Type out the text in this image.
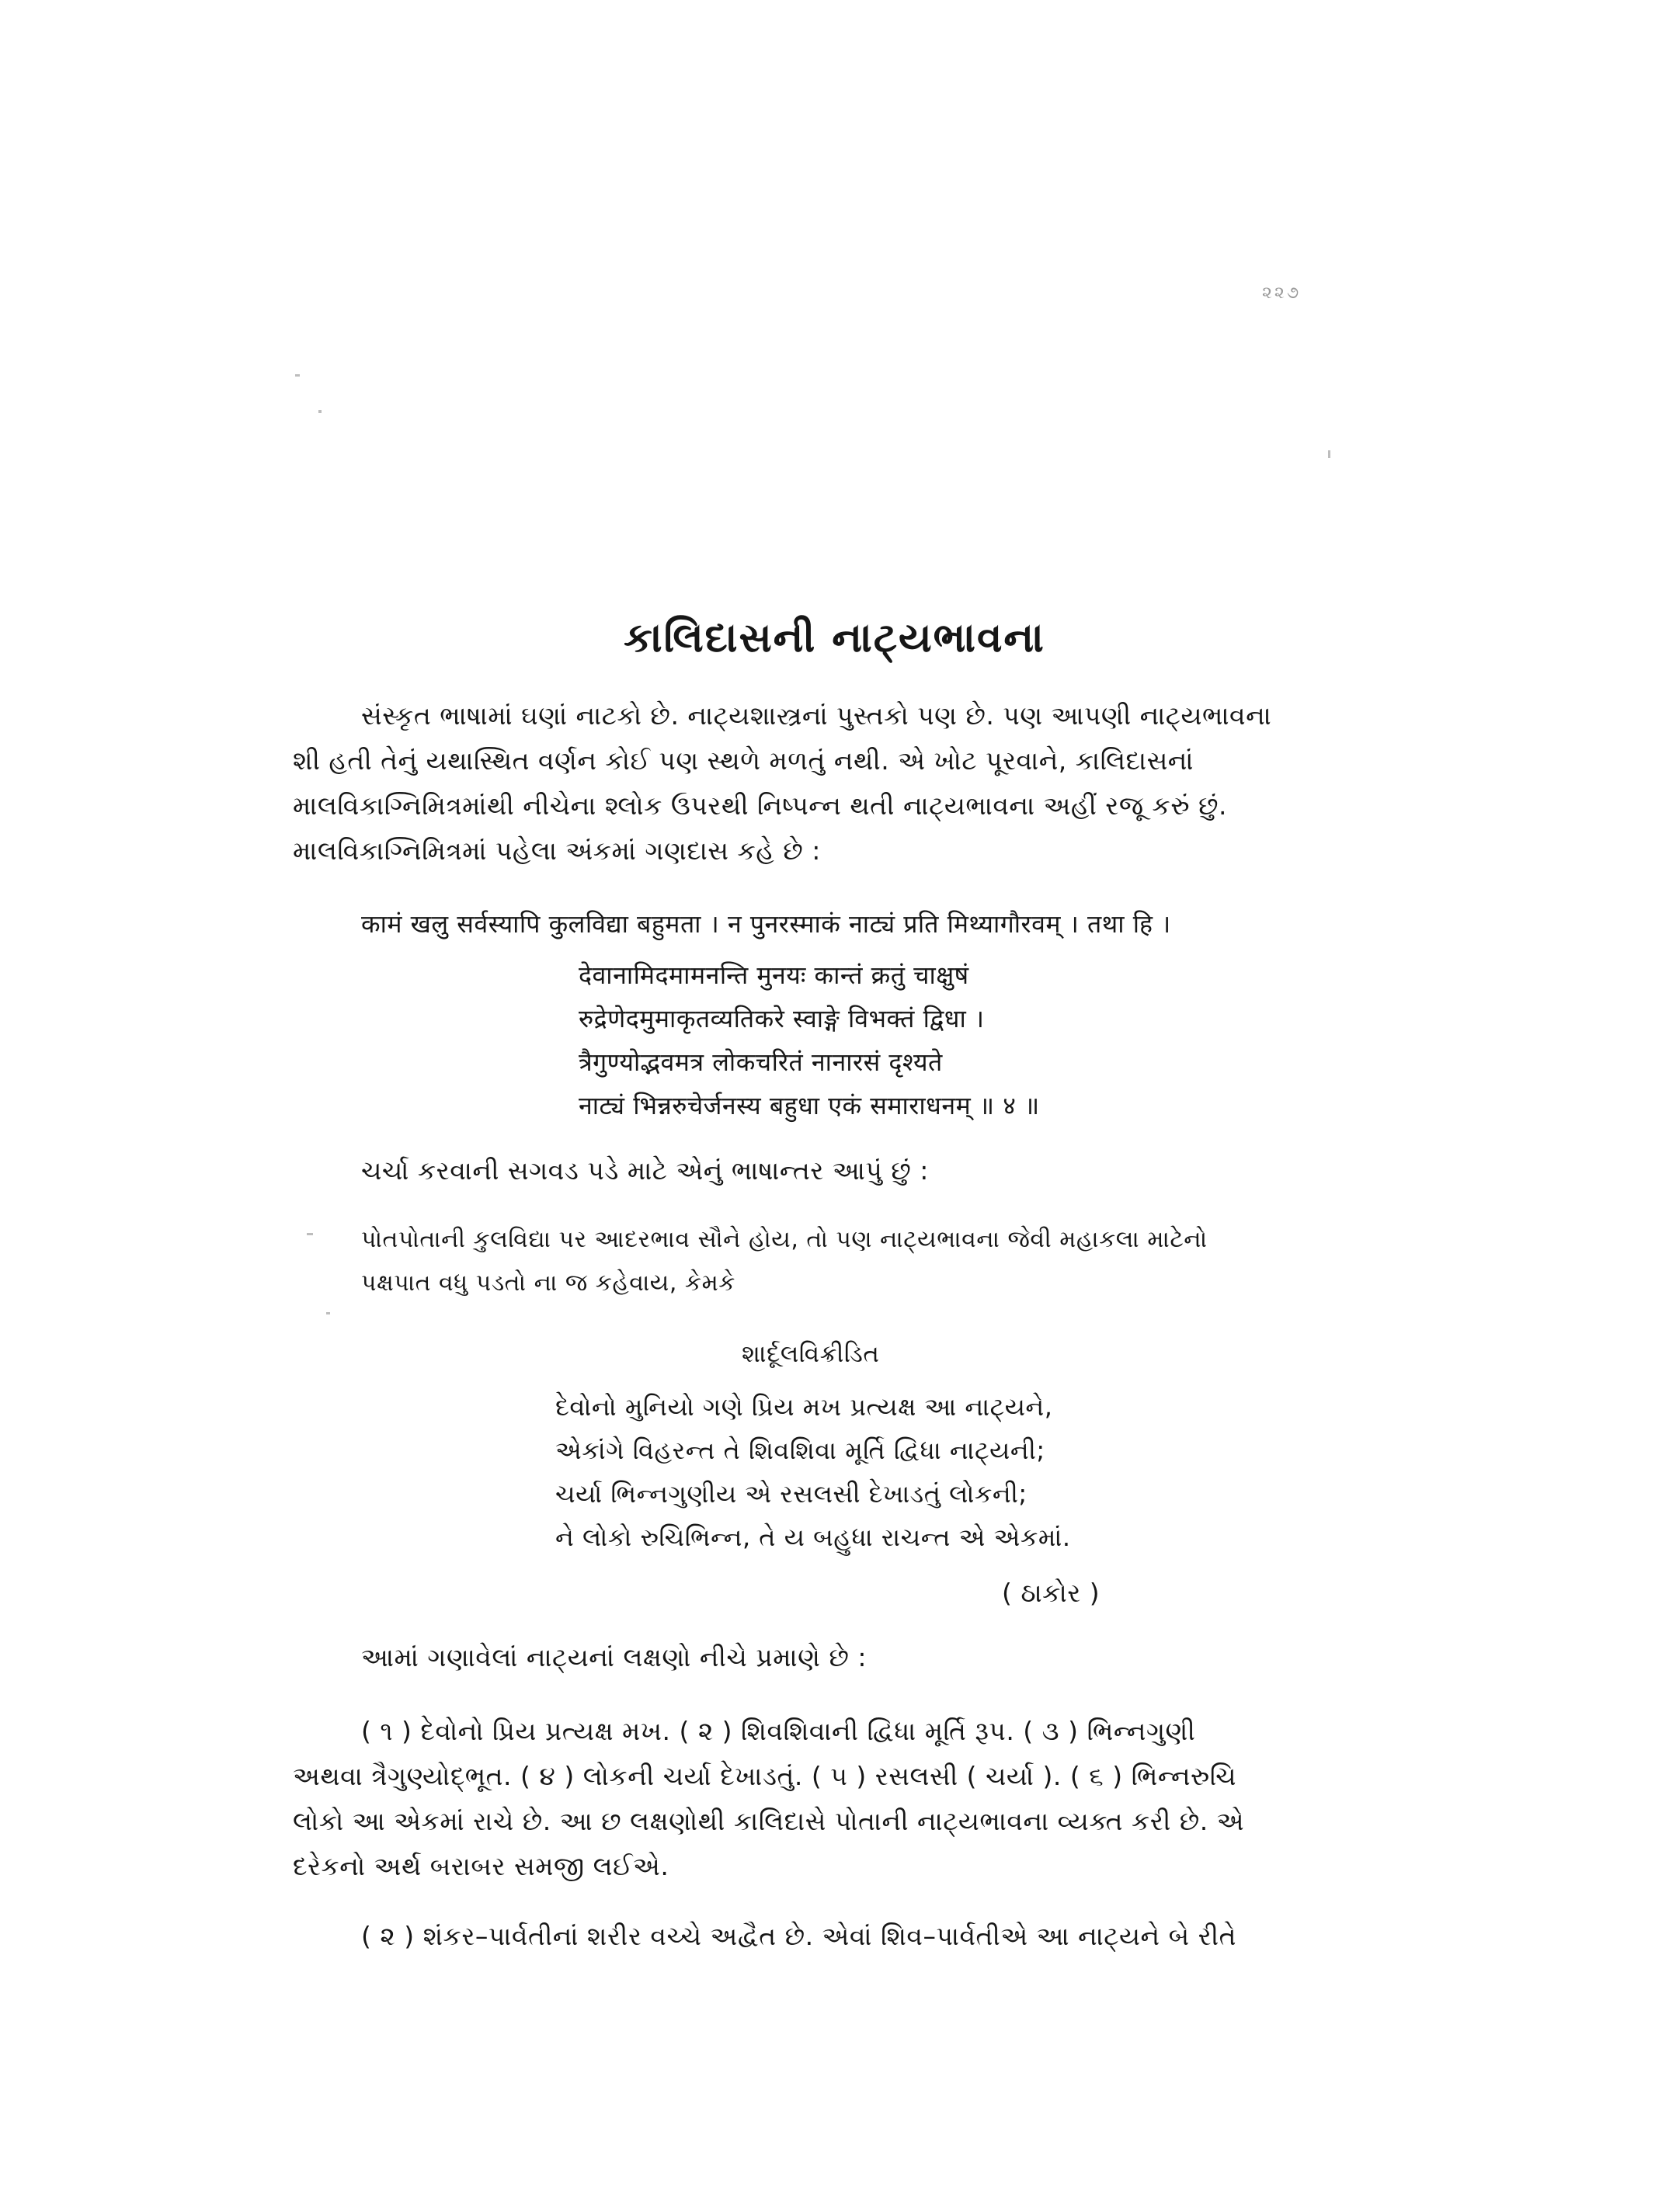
૨૨૭
કાલિદાસની નાટ્યભાવના
સંસ્કૃત ભાષામાં ઘણાં નાટકો છે. નાટ્યશાસ્ત્રનાં પુસ્તકો પણ છે. પણ આપણી નાટ્યભાવના
શી હતી તેનું યથાસ્થિત વર્ણન કોઈ પણ સ્થળે મળતું નથી. એ ખોટ પૂરવાને, કાલિદાસનાં
માલવિકાગ્નિમિત્રમાંથી નીચેના શ્લોક ઉપરથી નિષ્પન્ન થતી નાટ્યભાવના અહીં રજૂ કરું છું.
માલવિકાગ્નિમિત્રમાં પહેલા અંકમાં ગણદાસ કહે છે :
कामं खलु सर्वस्यापि कुलविद्या बहुमता । न पुनरस्माकं नाट्यं प्रति मिथ्यागौरवम् । तथा हि ।
देवानामिदमामनन्ति मुनयः कान्तं क्रतुं चाक्षुषं
रुद्रेणेदमुमाकृतव्यतिकरे स्वाङ्गे विभक्तं द्विधा ।
त्रैगुण्योद्भवमत्र लोकचरितं नानारसं दृश्यते
नाट्यं भिन्नरुचेर्जनस्य बहुधा एकं समाराधनम् ॥ ४ ॥
ચર્ચા કરવાની સગવડ પડે માટે એનું ભાષાન્તર આપું છું :
પોતપોતાની કુલવિદ્યા પર આદરભાવ સૌને હોય, તો પણ નાટ્યભાવના જેવી મહાકલા માટેનો
પક્ષપાત વધુ પડતો ના જ કહેવાય, કેમકે
શાર્દૂલવિક્રીડિત
દેવોનો મુનિયો ગણે પ્રિય મખ પ્રત્યક્ષ આ નાટ્યને,
એકાંગે વિહરન્ત તે શિવશિવા મૂર્તિ દ્વિધા નાટ્યની;
ચર્યા ભિન્નગુણીય એ રસલસી દેખાડતું લોકની;
ને લોકો રુચિભિન્ન, તે ય બહુધા રાચન્ત એ એકમાં.
( ઠાકોર )
આમાં ગણાવેલાં નાટ્યનાં લક્ષણો નીચે પ્રમાણે છે :
( ૧ ) દેવોનો પ્રિય પ્રત્યક્ષ મખ. ( ૨ ) શિવશિવાની દ્વિધા મૂર્તિ રૂપ. ( ૩ ) ભિન્નગુણી
અથવા ત્રૈગુણ્યોદ્ભૂત. ( ૪ ) લોકની ચર્યા દેખાડતું. ( ૫ ) રસલસી ( ચર્યા ). ( ૬ ) ભિન્નરુચિ
લોકો આ એકમાં રાચે છે. આ છ લક્ષણોથી કાલિદાસે પોતાની નાટ્યભાવના વ્યક્ત કરી છે. એ
દરેકનો અર્થ બરાબર સમજી લઈએ.
( ૨ ) શંકર–પાર્વતીનાં શરીર વચ્ચે અદ્વૈત છે. એવાં શિવ–પાર્વતીએ આ નાટ્યને બે રીતે
